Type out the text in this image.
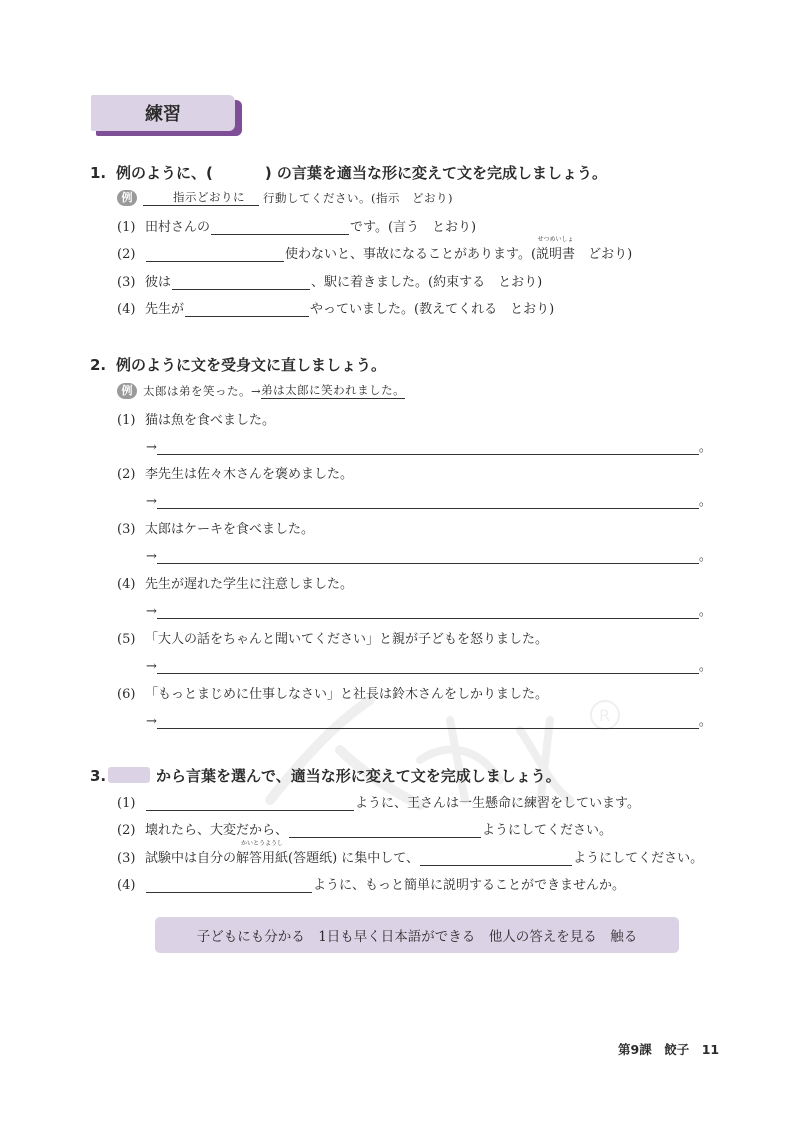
R
練習
1. 例のように、(	) の言葉を適当な形に変えて文を完成しましょう。
例	指示どおりに	行動してください。(指示　どおり)
(1) 田村さんの	です。(言う　とおり)
(2)	使わないと、事故になることがあります。(
せつめいしょ
説明書 　どおり)
(3) 彼は	、駅に着きました。(約束する　とおり)
(4) 先生が	やっていました。(教えてくれる　とおり)
2. 例のように文を受身文に直しましょう。
例 太郎は弟を笑った。→ 弟は太郎に笑われました。
(1) 猫は魚を食べました。
→	。
(2) 李先生は佐々木さんを褒めました。
→	。
(3) 太郎はケーキを食べました。
→	。
(4) 先生が遅れた学生に注意しました。
→	。
(5) 「大人の話をちゃんと聞いてください」と親が子どもを怒りました。
→	。
(6) 「もっとまじめに仕事しなさい」と社長は鈴木さんをしかりました。
→	。
3.	から言葉を選んで、適当な形に変えて文を完成しましょう。
(1)	ように、王さんは一生懸命に練習をしています。
(2) 壊れたら、大変だから、	ようにしてください。
(3) 試験中は自分の
かいとうようし
解答用紙 (答題纸) に集中して、	ようにしてください。
(4)	ように、もっと簡単に説明することができませんか。
子どもにも分かる　1日も早く日本語ができる　他人の答えを見る　触る
第9課　餃子　11
